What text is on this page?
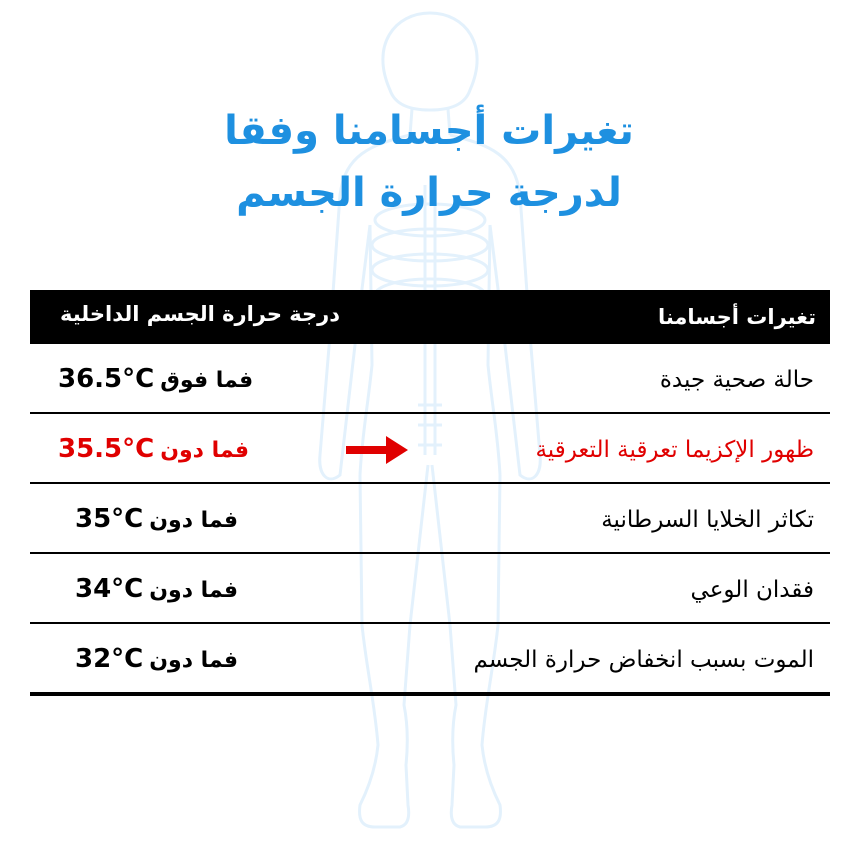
تغيرات أجسامنا وفقا
لدرجة حرارة الجسم
تغيرات أجسامنا
درجة حرارة الجسم الداخلية
حالة صحية جيدة
36.5°C فما فوق
ظهور الإكزيما تعرقية التعرقية
35.5°C فما دون
تكاثر الخلايا السرطانية
35°C فما دون
فقدان الوعي
34°C فما دون
الموت بسبب انخفاض حرارة الجسم
32°C فما دون
